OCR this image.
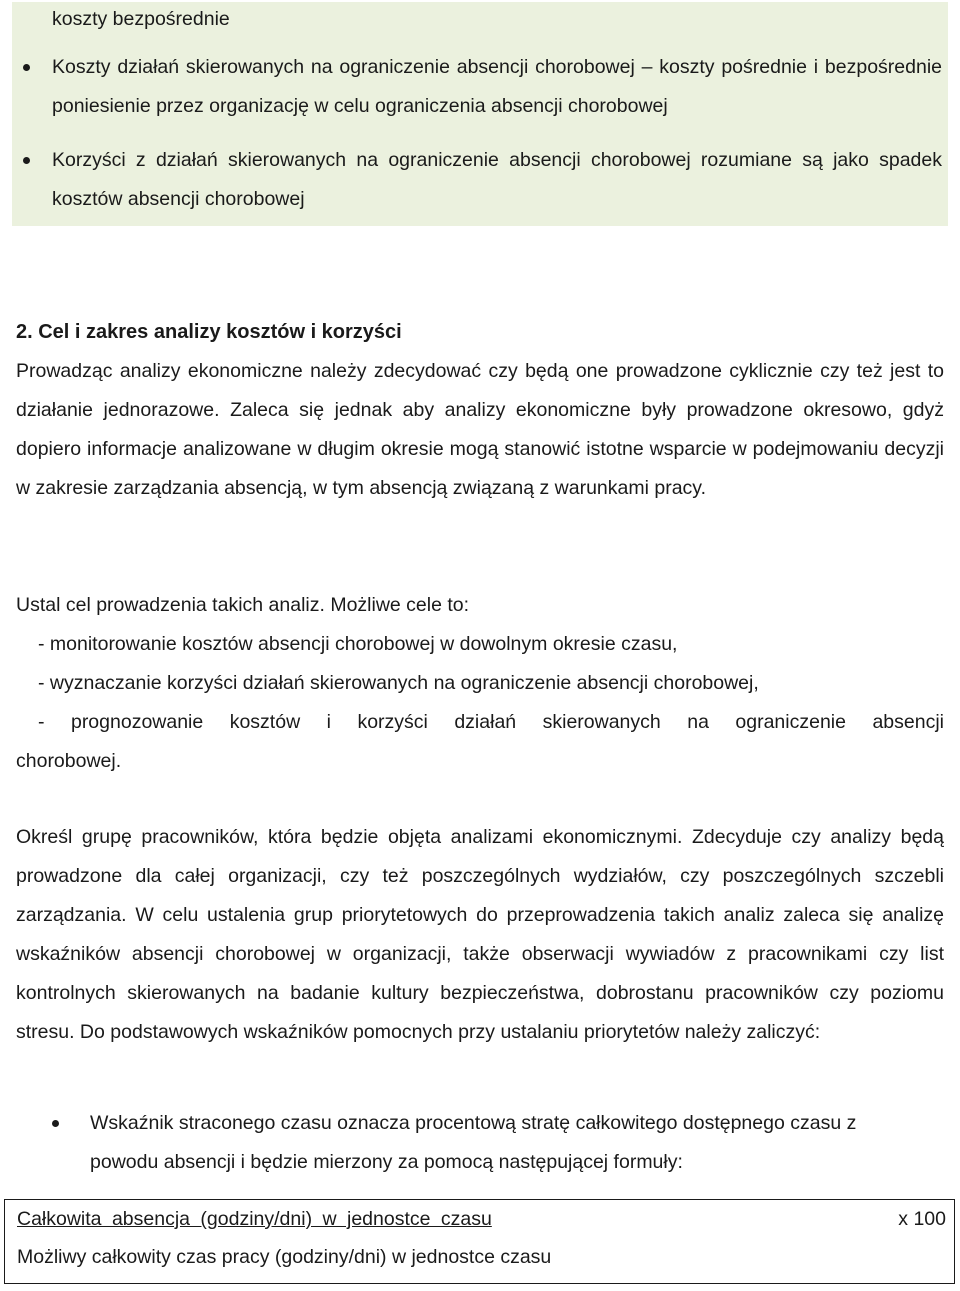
koszty bezpośrednie
Koszty działań skierowanych na ograniczenie absencji chorobowej – koszty pośrednie i bezpośrednie poniesienie przez organizację w celu ograniczenia absencji chorobowej
Korzyści z działań skierowanych na ograniczenie absencji chorobowej rozumiane są jako spadek kosztów absencji chorobowej
2. Cel i zakres analizy kosztów i korzyści

Prowadząc analizy ekonomiczne należy zdecydować czy będą one prowadzone cyklicznie czy też jest to działanie jednorazowe. Zaleca się jednak aby analizy ekonomiczne były prowadzone okresowo, gdyż dopiero informacje analizowane w długim okresie mogą stanowić istotne wsparcie w podejmowaniu decyzji w zakresie zarządzania absencją, w tym absencją związaną z warunkami pracy.

Ustal cel prowadzenia takich analiz. Możliwe cele to:
- monitorowanie kosztów absencji chorobowej w dowolnym okresie czasu,
- wyznaczanie korzyści działań skierowanych na ograniczenie absencji chorobowej,
- prognozowanie kosztów i korzyści działań skierowanych na ograniczenie absencji
chorobowej.

Określ grupę pracowników, która będzie objęta analizami ekonomicznymi. Zdecyduje czy analizy będą prowadzone dla całej organizacji, czy też poszczególnych wydziałów, czy poszczególnych szczebli zarządzania. W celu ustalenia grup priorytetowych do przeprowadzenia takich analiz zaleca się analizę wskaźników absencji chorobowej w organizacji, także obserwacji wywiadów z pracownikami czy list kontrolnych skierowanych na badanie kultury bezpieczeństwa, dobrostanu pracowników czy poziomu stresu. Do podstawowych wskaźników pomocnych przy ustalaniu priorytetów należy zaliczyć:

Wskaźnik straconego czasu oznacza procentową stratę całkowitego dostępnego czasu z powodu absencji i będzie mierzony za pomocą następującej formuły:
Całkowita absencja (godziny/dni) w jednostce czasu	x 100
Możliwy całkowity czas pracy (godziny/dni) w jednostce czasu
